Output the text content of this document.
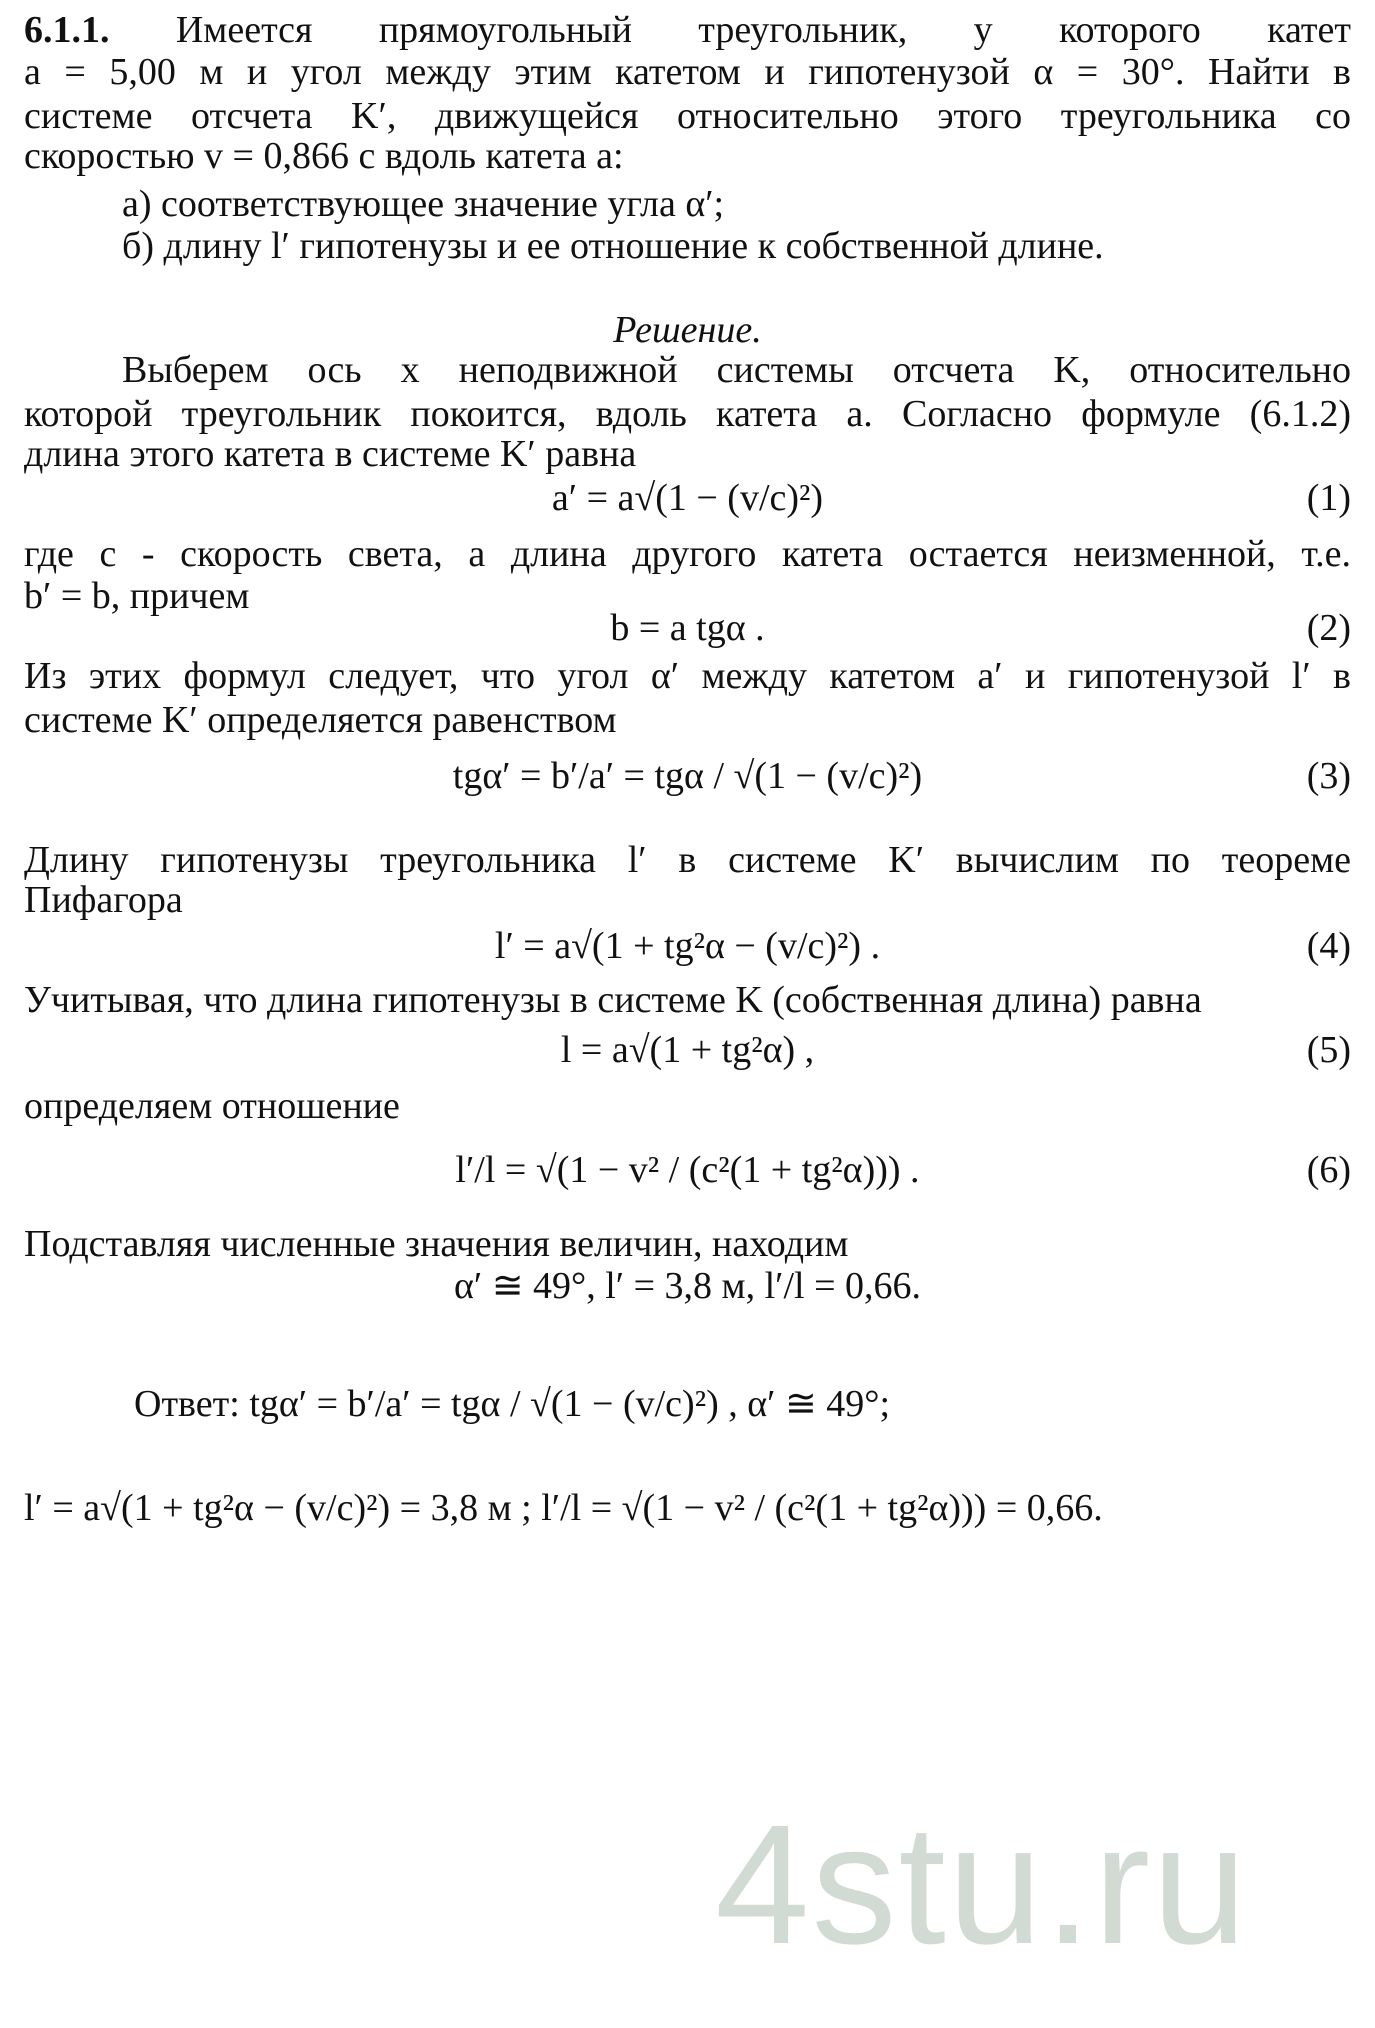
6.1.1. Имеется прямоугольный треугольник, у которого катет
a = 5,00 м и угол между этим катетом и гипотенузой α = 30°. Найти в
системе отсчета K′, движущейся относительно этого треугольника со
скоростью v = 0,866 c вдоль катета a:
а) соответствующее значение угла α′;
б) длину l′ гипотенузы и ее отношение к собственной длине.
Решение.
Выберем ось x неподвижной системы отсчета K, относительно
которой треугольник покоится, вдоль катета a. Согласно формуле (6.1.2)
длина этого катета в системе K′ равна
a′ = a√(1 − (v/c)²)	(1)
где c - скорость света, а длина другого катета остается неизменной, т.е.
b′ = b, причем
b = a tgα .	(2)
Из этих формул следует, что угол α′ между катетом a′ и гипотенузой l′ в
системе K′ определяется равенством
tgα′ = b′/a′ = tgα / √(1 − (v/c)²)	(3)
Длину гипотенузы треугольника l′ в системе K′ вычислим по теореме
Пифагора
l′ = a√(1 + tg²α − (v/c)²) .	(4)
Учитывая, что длина гипотенузы в системе K (собственная длина) равна
l = a√(1 + tg²α) ,	(5)
определяем отношение
l′/l = √(1 − v² / (c²(1 + tg²α))) .	(6)
Подставляя численные значения величин, находим
α′ ≅ 49°, l′ = 3,8 м, l′/l = 0,66.
4stu.ru
Ответ: tgα′ = b′/a′ = tgα / √(1 − (v/c)²) , α′ ≅ 49°;
l′ = a√(1 + tg²α − (v/c)²) = 3,8 м ; l′/l = √(1 − v² / (c²(1 + tg²α))) = 0,66.
